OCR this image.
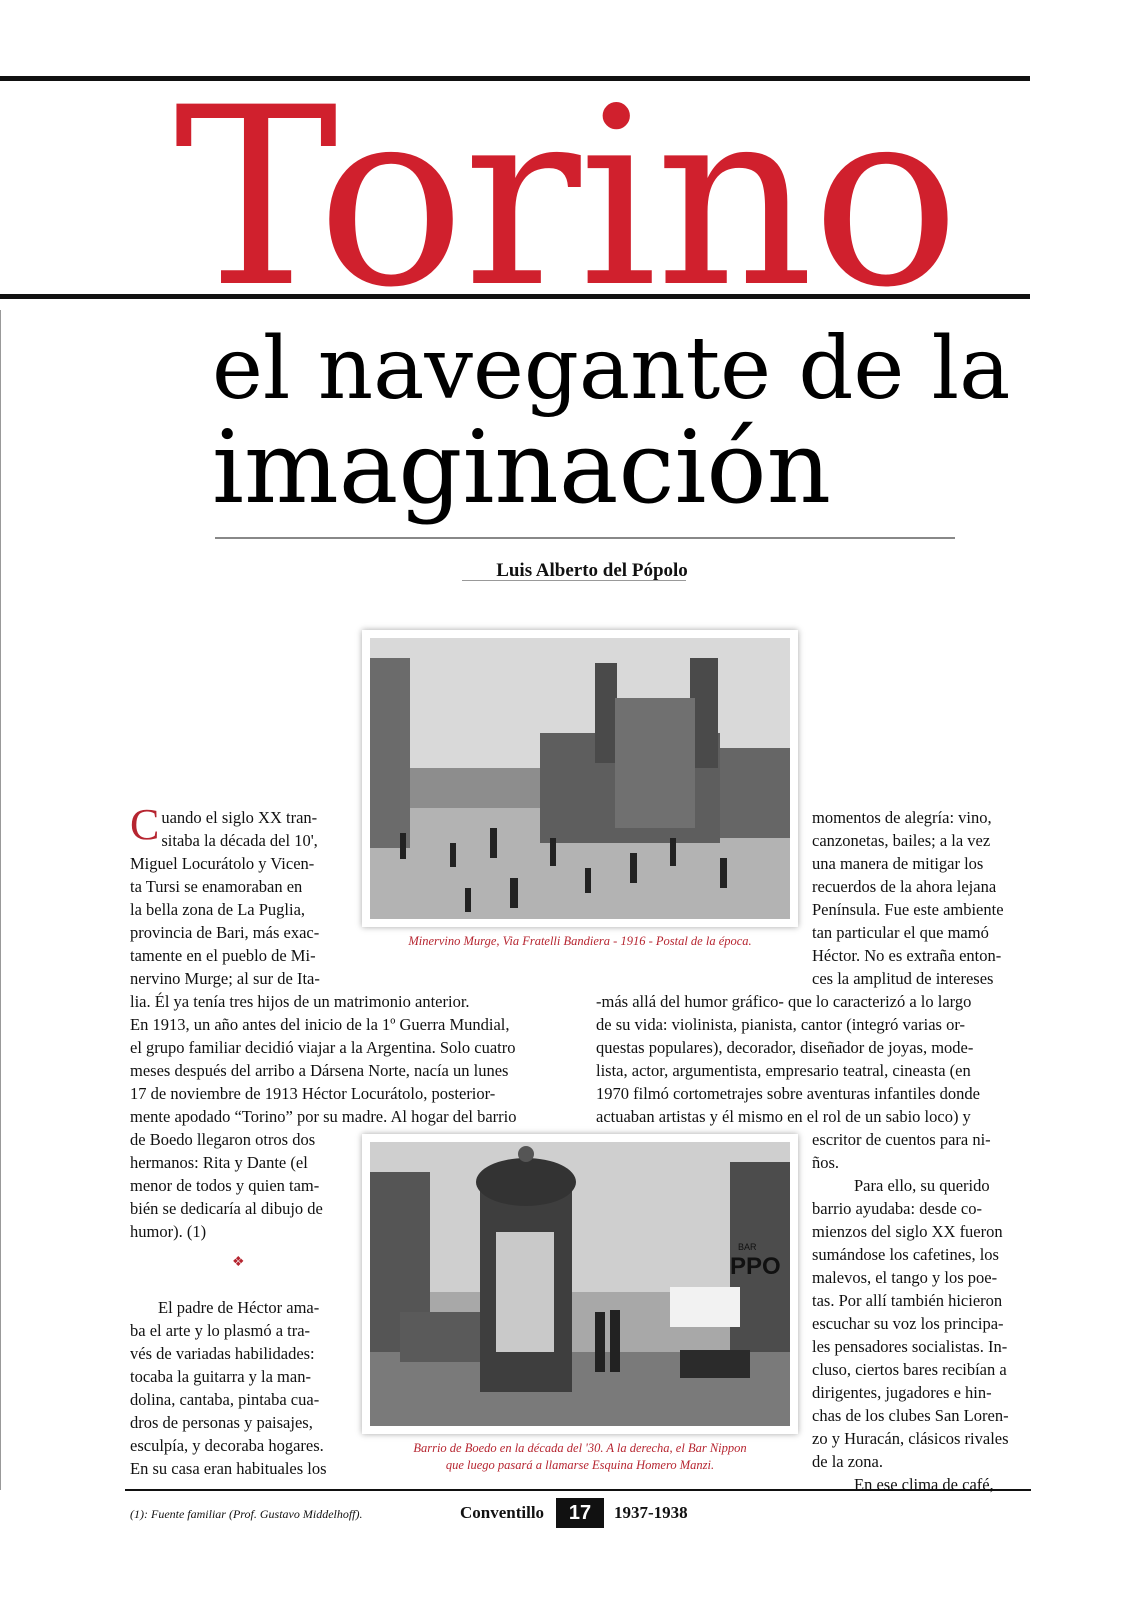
Torino
el navegante de la
imaginación
Luis Alberto del Pópolo
Minervino Murge, Via Fratelli Bandiera - 1916 - Postal de la época.
C uando el siglo XX tran-

sitaba la década del 10',

Miguel Locurátolo y Vicen-

ta Tursi se enamoraban en

la bella zona de La Puglia,

provincia de Bari, más exac-

tamente en el pueblo de Mi-

nervino Murge; al sur de Ita-

momentos de alegría: vino,

canzonetas, bailes; a la vez

una manera de mitigar los

recuerdos de la ahora lejana

Península. Fue este ambiente

tan particular el que mamó

Héctor. No es extraña enton-

ces la amplitud de intereses

lia. Él ya tenía tres hijos de un matrimonio anterior.

En 1913, un año antes del inicio de la 1º Guerra Mundial,

el grupo familiar decidió viajar a la Argentina. Solo cuatro

meses después del arribo a Dársena Norte, nacía un lunes

17 de noviembre de 1913 Héctor Locurátolo, posterior-

mente apodado “Torino” por su madre. Al hogar del barrio

-más allá del humor gráfico- que lo caracterizó a lo largo

de su vida: violinista, pianista, cantor (integró varias or-

questas populares), decorador, diseñador de joyas, mode-

lista, actor, argumentista, empresario teatral, cineasta (en

1970 filmó cortometrajes sobre aventuras infantiles donde

actuaban artistas y él mismo en el rol de un sabio loco) y

PPO
BAR
Barrio de Boedo en la década del '30. A la derecha, el Bar Nippon
que luego pasará a llamarse Esquina Homero Manzi.

de Boedo llegaron otros dos

hermanos: Rita y Dante (el

menor de todos y quien tam-

bién se dedicaría al dibujo de

humor). (1)

❖

El padre de Héctor ama-

ba el arte y lo plasmó a tra-

vés de variadas habilidades:

tocaba la guitarra y la man-

dolina, cantaba, pintaba cua-

dros de personas y paisajes,

esculpía, y decoraba hogares.

En su casa eran habituales los

escritor de cuentos para ni-

ños.

Para ello, su querido

barrio ayudaba: desde co-

mienzos del siglo XX fueron

sumándose los cafetines, los

malevos, el tango y los poe-

tas. Por allí también hicieron

escuchar su voz los principa-

les pensadores socialistas. In-

cluso, ciertos bares recibían a

dirigentes, jugadores e hin-

chas de los clubes San Loren-

zo y Huracán, clásicos rivales

de la zona.

En ese clima de café,

(1): Fuente familiar (Prof. Gustavo Middelhoff).	Conventillo	17	1937-1938
